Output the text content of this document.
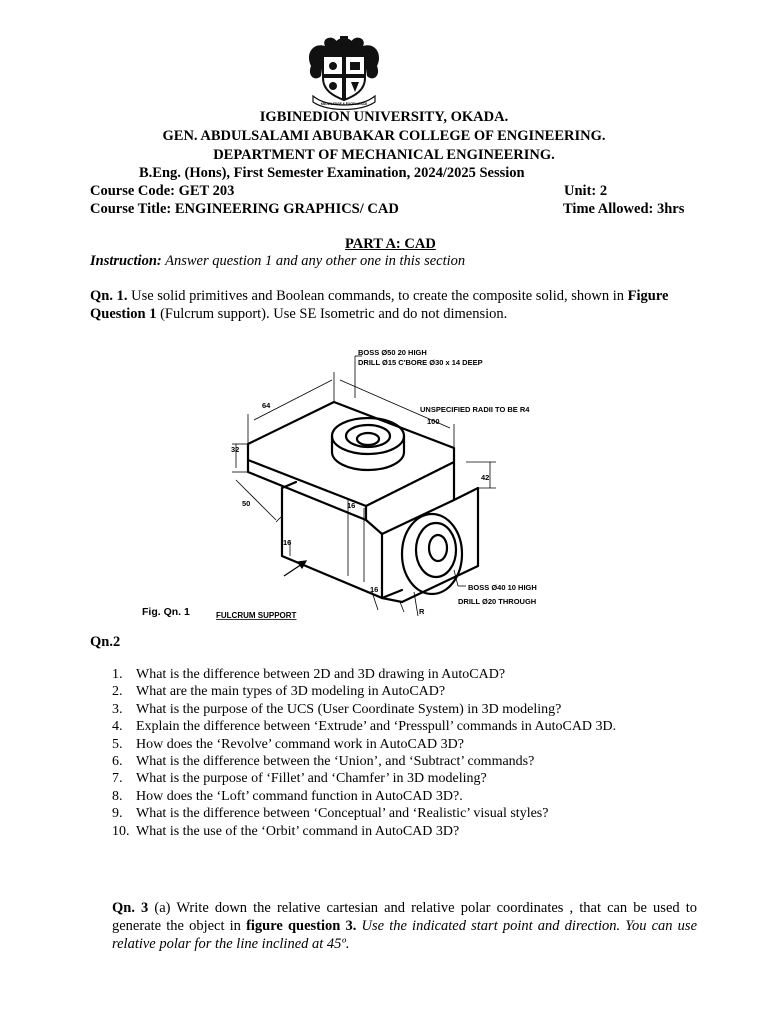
KNOWLEDGE & EXCELLENCE
IGBINEDION UNIVERSITY, OKADA.
GEN. ABDULSALAMI ABUBAKAR COLLEGE OF ENGINEERING.
DEPARTMENT OF MECHANICAL ENGINEERING.
B.Eng. (Hons), First Semester Examination, 2024/2025 Session
Course Code: GET 203	Unit: 2
Course Title: ENGINEERING GRAPHICS/ CAD	Time Allowed: 3hrs
PART A: CAD
Instruction: Answer question 1 and any other one in this section
Qn. 1. Use solid primitives and Boolean commands, to create the composite solid, shown in Figure
Question 1 (Fulcrum support). Use SE Isometric and do not dimension.
BOSS Ø50 20 HIGH
DRILL Ø15 C'BORE Ø30 x 14 DEEP
UNSPECIFIED RADII TO BE R4
64
100
32
42
50	16
16
16
R
BOSS Ø40 10 HIGH
DRILL Ø20 THROUGH
Fig. Qn. 1	FULCRUM SUPPORT
Qn.2
1. What is the difference between 2D and 3D drawing in AutoCAD?
2. What are the main types of 3D modeling in AutoCAD?
3. What is the purpose of the UCS (User Coordinate System) in 3D modeling?
4. Explain the difference between ‘Extrude’ and ‘Presspull’ commands in AutoCAD 3D.
5. How does the ‘Revolve’ command work in AutoCAD 3D?
6. What is the difference between the ‘Union’, and ‘Subtract’ commands?
7. What is the purpose of ‘Fillet’ and ‘Chamfer’ in 3D modeling?
8. How does the ‘Loft’ command function in AutoCAD 3D?.
9. What is the difference between ‘Conceptual’ and ‘Realistic’ visual styles?
10. What is the use of the ‘Orbit’ command in AutoCAD 3D?
Qn. 3 (a) Write down the relative cartesian and relative polar coordinates , that can be used to generate the object in figure question 3. Use the indicated start point and direction. You can use relative polar for the line inclined at 45º.
